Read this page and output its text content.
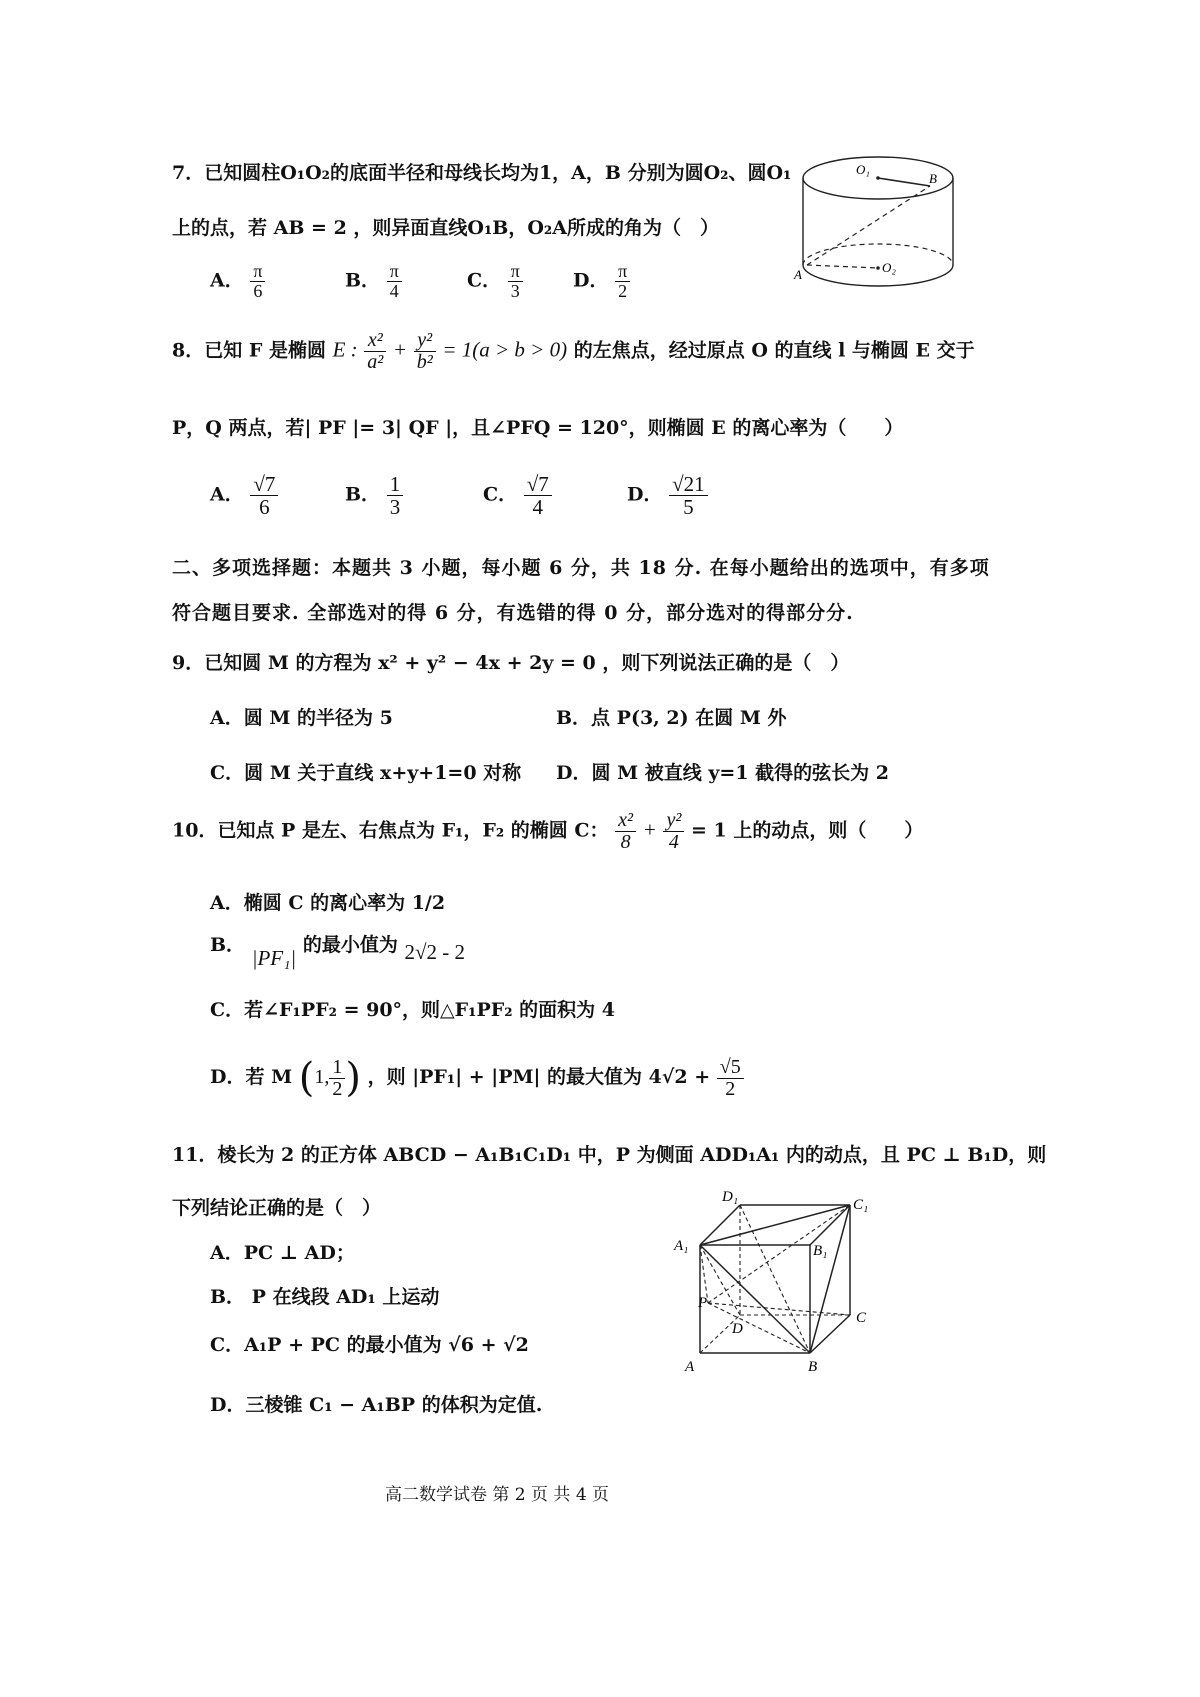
7．已知圆柱O₁O₂的底面半径和母线长均为1，A，B 分别为圆O₂、圆O₁
上的点，若 AB = 2 ，则异面直线O₁B，O₂A所成的角为（　）
A． $\frac{\pi}{6}$	B． $\frac{\pi}{4}$	C． $\frac{\pi}{3}$	D． $\frac{\pi}{2}$
O₁
B
A	O₂
8．已知 F 是椭圆 E : $\frac{\text{x²}}{\text{a²}} + \frac{\text{y²}}{\text{b²}} = 1(a > b > 0)$ 的左焦点，经过原点 O 的直线 l 与椭圆 E 交于
P，Q 两点，若| PF |= 3| QF |，且∠PFQ = 120°，则椭圆 E 的离心率为（　　）
A． $\frac{√7}{6}$	B． $\frac{1}{3}$	C． $\frac{√7}{4}$	D． $\frac{√21}{5}$
二、多项选择题：本题共 3 小题，每小题 6 分，共 18 分. 在每小题给出的选项中，有多项
符合题目要求. 全部选对的得 6 分，有选错的得 0 分，部分选对的得部分分.
9．已知圆 M 的方程为 x² + y² − 4x + 2y = 0 ，则下列说法正确的是（　）
A．圆 M 的半径为 5	B．点 P(3, 2) 在圆 M 外
C．圆 M 关于直线 x+y+1=0 对称 D．圆 M 被直线 y=1 截得的弦长为 2
10．已知点 P 是左、右焦点为 F₁，F₂ 的椭圆 C： $\frac{\text{x²}}{8} + \frac{\text{y²}}{4} = 1$ 上的动点，则（　　）
A．椭圆 C 的离心率为 1/2
B． |PF₁| 的最小值为 2√2 - 2
C．若∠F₁PF₂ = 90°，则△F₁PF₂ 的面积为 4
D．若 M (1, $\frac{1}{2}$ ) ，则 |PF₁| + |PM| 的最大值为 $4√2 + \frac{√5}{2}$
11．棱长为 2 的正方体 ABCD − A₁B₁C₁D₁ 中，P 为侧面 ADD₁A₁ 内的动点，且 PC ⊥ B₁D，则
下列结论正确的是（　）
A．PC ⊥ AD；
B． P 在线段 AD₁ 上运动
C．A₁P + PC 的最小值为 √6 + √2
D．三棱锥 C₁ − A₁BP 的体积为定值.
D₁	C₁
A₁	B₁
P
D
C
A	B
高二数学试卷 第 2 页 共 4 页
